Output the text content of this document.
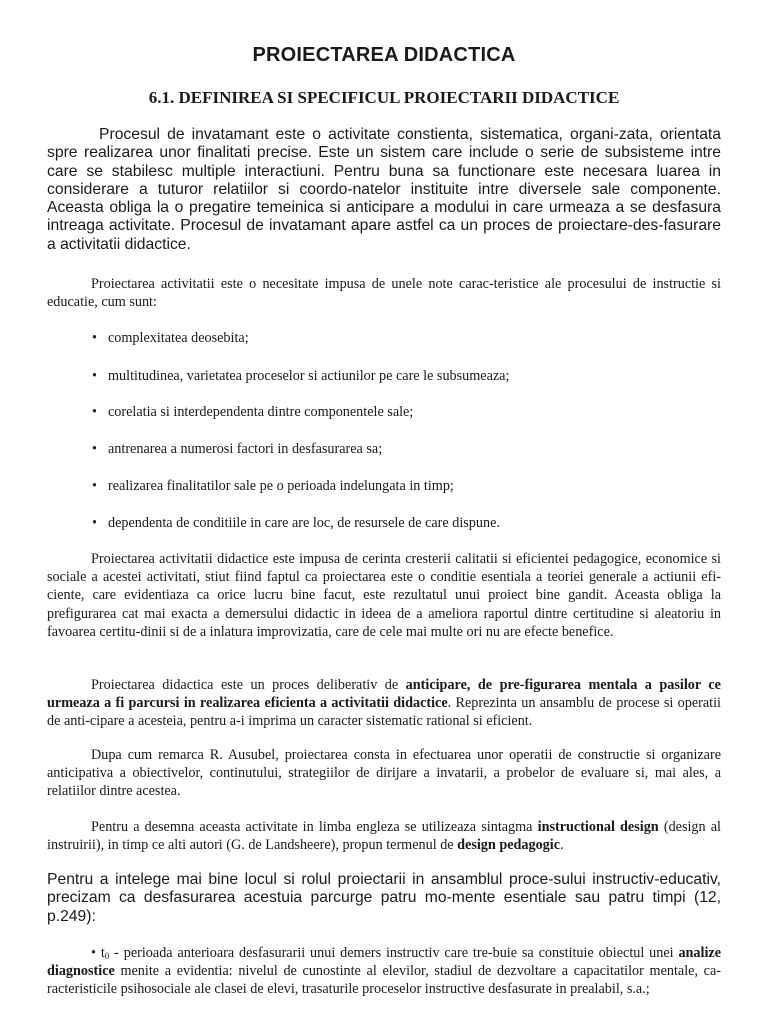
PROIECTAREA DIDACTICA
6.1. DEFINIREA SI SPECIFICUL PROIECTARII DIDACTICE
Procesul de invatamant este o activitate constienta, sistematica, organi-zata, orientata spre realizarea unor finalitati precise. Este un sistem care include o serie de subsisteme intre care se stabilesc multiple interactiuni. Pentru buna sa functionare este necesara luarea in considerare a tuturor relatiilor si coordo-natelor instituite intre diversele sale componente. Aceasta obliga la o pregatire temeinica si anticipare a modului in care urmeaza a se desfasura intreaga activitate. Procesul de invatamant apare astfel ca un proces de proiectare-des-fasurare a activitatii didactice.
Proiectarea activitatii este o necesitate impusa de unele note carac-teristice ale procesului de instructie si educatie, cum sunt:
• complexitatea deosebita;
• multitudinea, varietatea proceselor si actiunilor pe care le subsumeaza;
• corelatia si interdependenta dintre componentele sale;
• antrenarea a numerosi factori in desfasurarea sa;
• realizarea finalitatilor sale pe o perioada indelungata in timp;
• dependenta de conditiile in care are loc, de resursele de care dispune.
Proiectarea activitatii didactice este impusa de cerinta cresterii calitatii si eficientei pedagogice, economice si sociale a acestei activitati, stiut fiind faptul ca proiectarea este o conditie esentiala a teoriei generale a actiunii efi-ciente, care evidentiaza ca orice lucru bine facut, este rezultatul unui proiect bine gandit. Aceasta obliga la prefigurarea cat mai exacta a demersului didactic in ideea de a ameliora raportul dintre certitudine si aleatoriu in favoarea certitu-dinii si de a inlatura improvizatia, care de cele mai multe ori nu are efecte benefice.
Proiectarea didactica este un proces deliberativ de anticipare, de pre-figurarea mentala a pasilor ce urmeaza a fi parcursi in realizarea eficienta a activitatii didactice. Reprezinta un ansamblu de procese si operatii de anti-cipare a acesteia, pentru a-i imprima un caracter sistematic rational si eficient.
Dupa cum remarca R. Ausubel, proiectarea consta in efectuarea unor operatii de constructie si organizare anticipativa a obiectivelor, continutului, strategiilor de dirijare a invatarii, a probelor de evaluare si, mai ales, a relatiilor dintre acestea.
Pentru a desemna aceasta activitate in limba engleza se utilizeaza sintagma instructional design (design al instruirii), in timp ce alti autori (G. de Landsheere), propun termenul de design pedagogic.
Pentru a intelege mai bine locul si rolul proiectarii in ansamblul proce-sului instructiv-educativ, precizam ca desfasurarea acestuia parcurge patru mo-mente esentiale sau patru timpi (12, p.249):
• $t_0$ - perioada anterioara desfasurarii unui demers instructiv care tre-buie sa constituie obiectul unei analize diagnostice menite a evidentia: nivelul de cunostinte al elevilor, stadiul de dezvoltare a capacitatilor mentale, ca-racteristicile psihosociale ale clasei de elevi, trasaturile proceselor instructive desfasurate in prealabil, s.a.;
